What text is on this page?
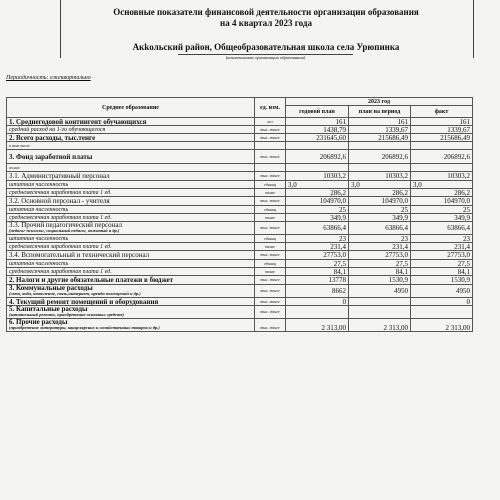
Основные показатели финансовой деятельности организации образования
на 4 квартал 2023 года
Акkольский район, Общеобразовательная школа села Урюпинка
(наименование организации образования)
Периодичность: ежеквартально
Среднее образование	ед. изм.	2023 год		
		годовой план	план на период	факт

1. Среднегодовой контингент обучающихся	чел	161	161	161
средний расход на 1-го обучающегося	тыс. тенге	1438,79	1339,67	1339,67
2. Всего расходы, тыс.тенге	тыс. тенге	231645,60	215686,49	215686,49
в том числе:				
3. Фонд заработной платы	тыс. тенге	206892,6	206892,6	206892,6
из них:				
3.1. Административный персонал	тыс. тенге	10303,2	10303,2	10303,2
штатная численность	единиц	3,0	3,0	3,0
среднемесячная заработная плата 1 ед.	тенге	286,2	286,2	286,2
3.2. Основной персонал - учителя	тыс. тенге	104970,0	104970,0	104970,0
штатная численность	единиц	25	25	25
среднемесячная заработная плата 1 ед.	тенге	349,9	349,9	349,9
3.3. Прочий педагогический персонал
(педагог-психолог, социальный педагог, вожатый и др.)	тыс. тенге	63866,4	63866,4	63866,4
штатная численность	единиц	23	23	23
среднемесячная заработная плата 1 ед.	тенге	231,4	231,4	231,4
3.4. Вспомогательный и технический персонал	тыс. тенге	27753,0	27753,0	27753,0
штатная численность	единиц	27,5	27,5	27,5
среднемесячная заработная плата 1 ед.	тенге	84,1	84,1	84,1
2. Налоги и другие обязательные платежи в бюджет	тыс. тенге	13778	1530,9	1530,9
3. Коммунальные расходы
(свет, вода, отопление, связь,интернет, аренда помещений и др.)	тыс. тенге	8662	4950	4950
4. Текущий ремонт помещений и оборудования	тыс. тенге	0		0
5. Капитальные расходы
(капитальный ремонт, приобретение основных средств)	тыс. тенге			
6. Прочие расходы
(приобретение литературы, канцелярских и хозяйственных товаров и др.)	тыс. тенге	2 313,00	2 313,00	2 313,00
